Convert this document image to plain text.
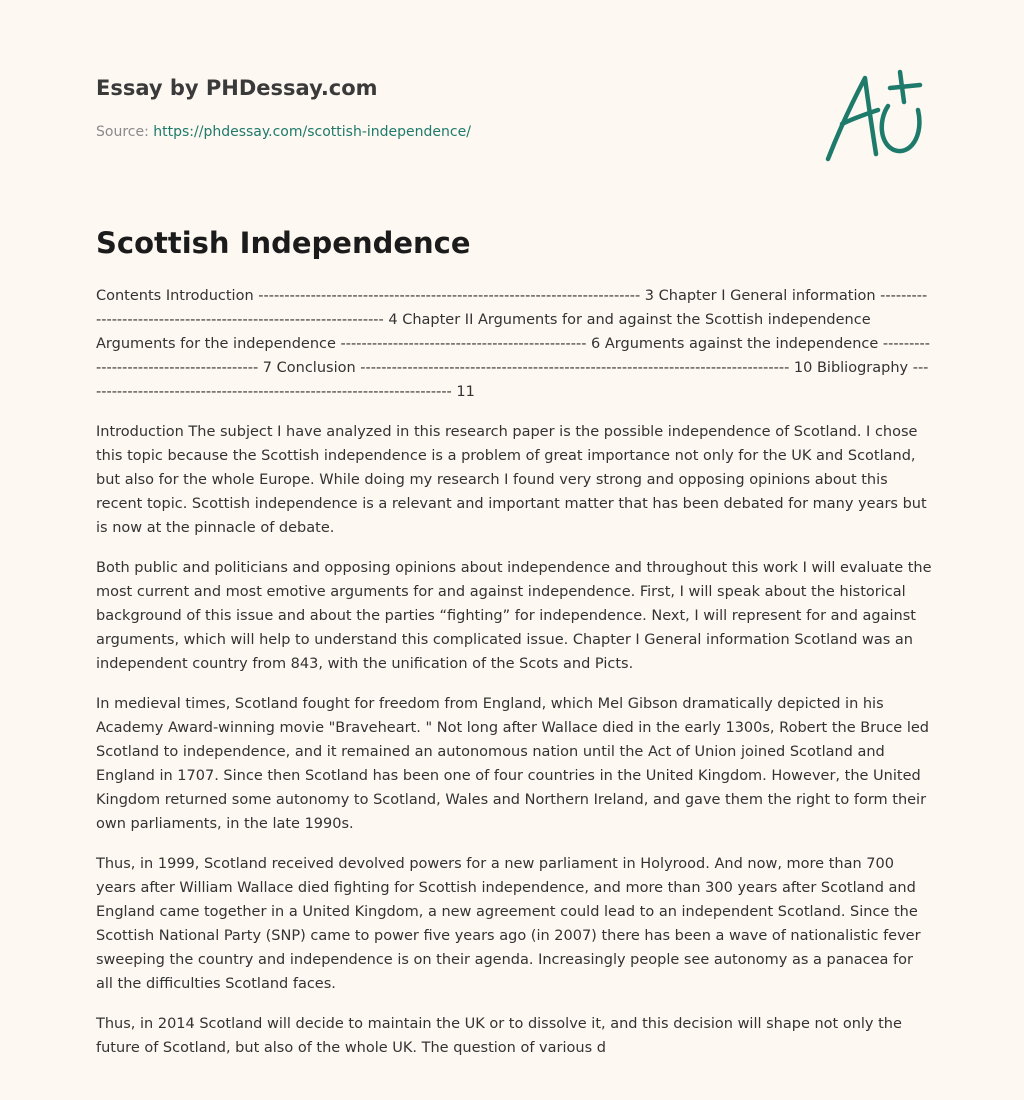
Essay by PHDessay.com
Source: https://phdessay.com/scottish-independence/
Scottish Independence

Contents Introduction ------------------------------------------------------------------------- 3 Chapter I General information ---------------------------------------------------------------- 4 Chapter II Arguments for and against the Scottish independence Arguments for the independence ----------------------------------------------- 6 Arguments against the independence ---------------------------------------- 7 Conclusion ---------------------------------------------------------------------------------- 10 Bibliography ----------------------------------------------------------------------- 11

Introduction The subject I have analyzed in this research paper is the possible independence of Scotland. I chose this topic because the Scottish independence is a problem of great importance not only for the UK and Scotland, but also for the whole Europe. While doing my research I found very strong and opposing opinions about this recent topic. Scottish independence is a relevant and important matter that has been debated for many years but is now at the pinnacle of debate.

Both public and politicians and opposing opinions about independence and throughout this work I will evaluate the most current and most emotive arguments for and against independence. First, I will speak about the historical background of this issue and about the parties “fighting” for independence. Next, I will represent for and against arguments, which will help to understand this complicated issue. Chapter I General information Scotland was an independent country from 843, with the unification of the Scots and Picts.

In medieval times, Scotland fought for freedom from England, which Mel Gibson dramatically depicted in his Academy Award-winning movie "Braveheart. " Not long after Wallace died in the early 1300s, Robert the Bruce led Scotland to independence, and it remained an autonomous nation until the Act of Union joined Scotland and England in 1707. Since then Scotland has been one of four countries in the United Kingdom. However, the United Kingdom returned some autonomy to Scotland, Wales and Northern Ireland, and gave them the right to form their own parliaments, in the late 1990s.

Thus, in 1999, Scotland received devolved powers for a new parliament in Holyrood. And now, more than 700 years after William Wallace died fighting for Scottish independence, and more than 300 years after Scotland and England came together in a United Kingdom, a new agreement could lead to an independent Scotland. Since the Scottish National Party (SNP) came to power five years ago (in 2007) there has been a wave of nationalistic fever sweeping the country and independence is on their agenda. Increasingly people see autonomy as a panacea for all the difficulties Scotland faces.

Thus, in 2014 Scotland will decide to maintain the UK or to dissolve it, and this decision will shape not only the future of Scotland, but also of the whole UK. The question of various d
